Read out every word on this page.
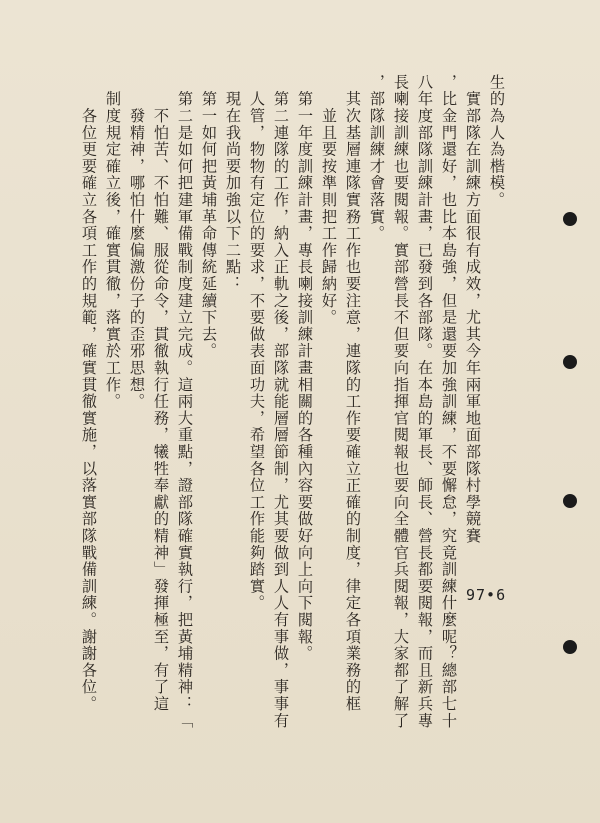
97•6
生的為人為楷模。
　實部隊在訓練方面很有成效，尤其今年兩軍地面部隊村學競賽
，比金門還好，也比本島強，但是還要加強訓練，不要懈怠，究竟訓練什麼呢？總部七十
八年度部隊訓練計畫，已發到各部隊。在本島的軍長、師長、營長都要閱報，而且新兵專
長喇接訓練也要閱報。實部營長不但要向指揮官閱報也要向全體官兵閱報，大家都了解了
，部隊訓練才會落實。
　其次基層連隊實務工作也要注意，連隊的工作要確立正確的制度，律定各項業務的框
　　並且要按準則把工作歸納好。
　第一年度訓練計畫，專長喇接訓練計畫相關的各種內容要做好向上向下閱報。
　第二連隊的工作，納入正軌之後，部隊就能層層節制，尤其要做到人人有事做，事事有
　人管，物物有定位的要求，不要做表面功夫，希望各位工作能夠踏實。
　現在我尚要加強以下二點：
　第一如何把黃埔革命傳統延續下去。
　第二是如何把建軍備戰制度建立完成。這兩大重點，證部隊確實執行，把黃埔精神：「
　　不怕苦、不怕難、服從命令，貫徹執行任務，犧牲奉獻的精神」發揮極至，有了這
　　發精神，哪怕什麼偏激份子的歪邪思想。
　制度規定確立後，確實貫徹，落實於工作。
　　各位更要確立各項工作的規範，確實貫徹實施，以落實部隊戰備訓練。謝謝各位。
